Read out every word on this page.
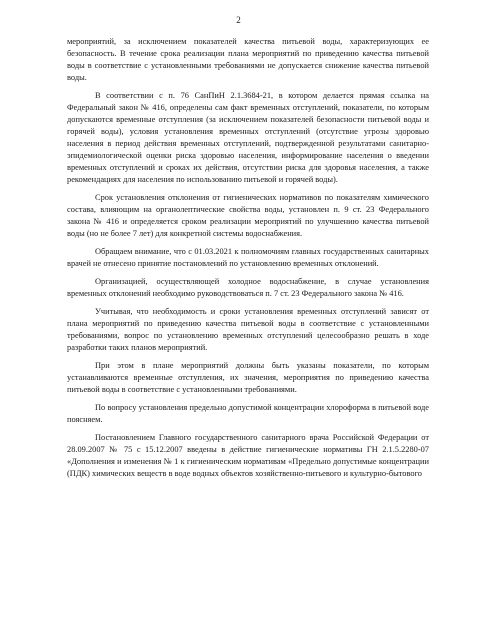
2

мероприятий, за исключением показателей качества питьевой воды, характеризующих ее безопасность. В течение срока реализации плана мероприятий по приведению качества питьевой воды в соответствие с установленными требованиями не допускается снижение качества питьевой воды.

В соответствии с п. 76 СанПиН 2.1.3684-21, в котором делается прямая ссылка на Федеральный закон № 416, определены сам факт временных отступлений, показатели, по которым допускаются временные отступления (за исключением показателей безопасности питьевой воды и горячей воды), условия установления временных отступлений (отсутствие угрозы здоровью населения в период действия временных отступлений, подтвержденной результатами санитарно-эпидемиологической оценки риска здоровью населения, информирование населения о введении временных отступлений и сроках их действия, отсутствии риска для здоровья населения, а также рекомендациях для населения по использованию питьевой и горячей воды).

Срок установления отклонения от гигиенических нормативов по показателям химического состава, влияющим на органолептические свойства воды, установлен п. 9 ст. 23 Федерального закона № 416 и определяется сроком реализации мероприятий по улучшению качества питьевой воды (но не более 7 лет) для конкретной системы водоснабжения.

Обращаем внимание, что с 01.03.2021 к полномочиям главных государственных санитарных врачей не отнесено принятие постановлений по установлению временных отклонений.

Организацией, осуществляющей холодное водоснабжение, в случае установления временных отклонений необходимо руководствоваться п. 7 ст. 23 Федерального закона № 416.

Учитывая, что необходимость и сроки установления временных отступлений зависят от плана мероприятий по приведению качества питьевой воды в соответствие с установленными требованиями, вопрос по установлению временных отступлений целесообразно решать в ходе разработки таких планов мероприятий.

При этом в плане мероприятий должны быть указаны показатели, по которым устанавливаются временные отступления, их значения, мероприятия по приведению качества питьевой воды в соответствие с установленными требованиями.

По вопросу установления предельно допустимой концентрации хлороформа в питьевой воде поясняем.

Постановлением Главного государственного санитарного врача Российской Федерации от 28.09.2007 № 75 с 15.12.2007 введены в действие гигиенические нормативы ГН 2.1.5.2280-07 «Дополнения и изменения № 1 к гигиеническим нормативам «Предельно допустимые концентрации (ПДК) химических веществ в воде водных объектов хозяйственно-питьевого и культурно-бытового
